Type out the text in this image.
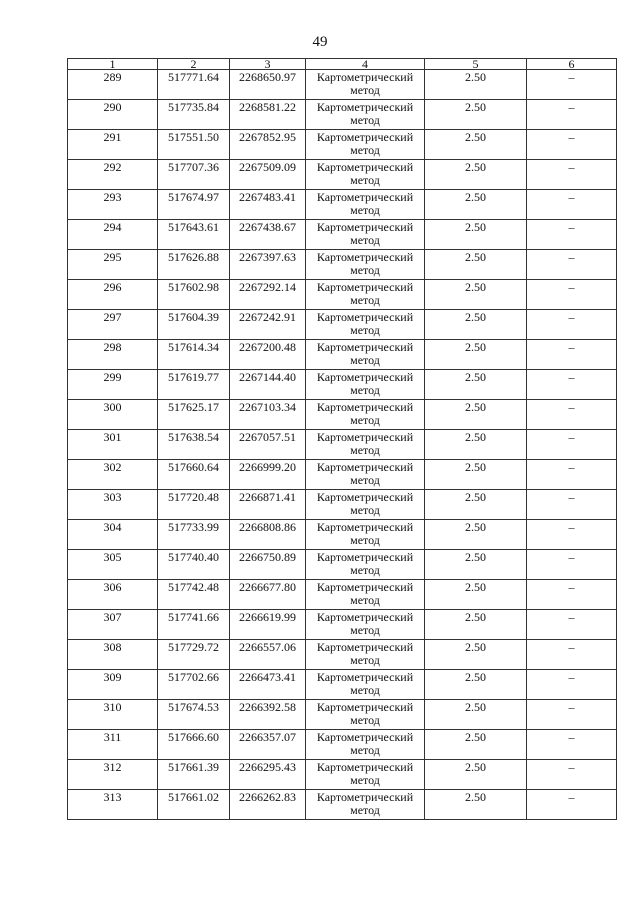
49
1	2	3	4	5	6
289	517771.64	2268650.97	Картометрический
метод	2.50	–
290	517735.84	2268581.22	Картометрический
метод	2.50	–
291	517551.50	2267852.95	Картометрический
метод	2.50	–
292	517707.36	2267509.09	Картометрический
метод	2.50	–
293	517674.97	2267483.41	Картометрический
метод	2.50	–
294	517643.61	2267438.67	Картометрический
метод	2.50	–
295	517626.88	2267397.63	Картометрический
метод	2.50	–
296	517602.98	2267292.14	Картометрический
метод	2.50	–
297	517604.39	2267242.91	Картометрический
метод	2.50	–
298	517614.34	2267200.48	Картометрический
метод	2.50	–
299	517619.77	2267144.40	Картометрический
метод	2.50	–
300	517625.17	2267103.34	Картометрический
метод	2.50	–
301	517638.54	2267057.51	Картометрический
метод	2.50	–
302	517660.64	2266999.20	Картометрический
метод	2.50	–
303	517720.48	2266871.41	Картометрический
метод	2.50	–
304	517733.99	2266808.86	Картометрический
метод	2.50	–
305	517740.40	2266750.89	Картометрический
метод	2.50	–
306	517742.48	2266677.80	Картометрический
метод	2.50	–
307	517741.66	2266619.99	Картометрический
метод	2.50	–
308	517729.72	2266557.06	Картометрический
метод	2.50	–
309	517702.66	2266473.41	Картометрический
метод	2.50	–
310	517674.53	2266392.58	Картометрический
метод	2.50	–
311	517666.60	2266357.07	Картометрический
метод	2.50	–
312	517661.39	2266295.43	Картометрический
метод	2.50	–
313	517661.02	2266262.83	Картометрический
метод	2.50	–
